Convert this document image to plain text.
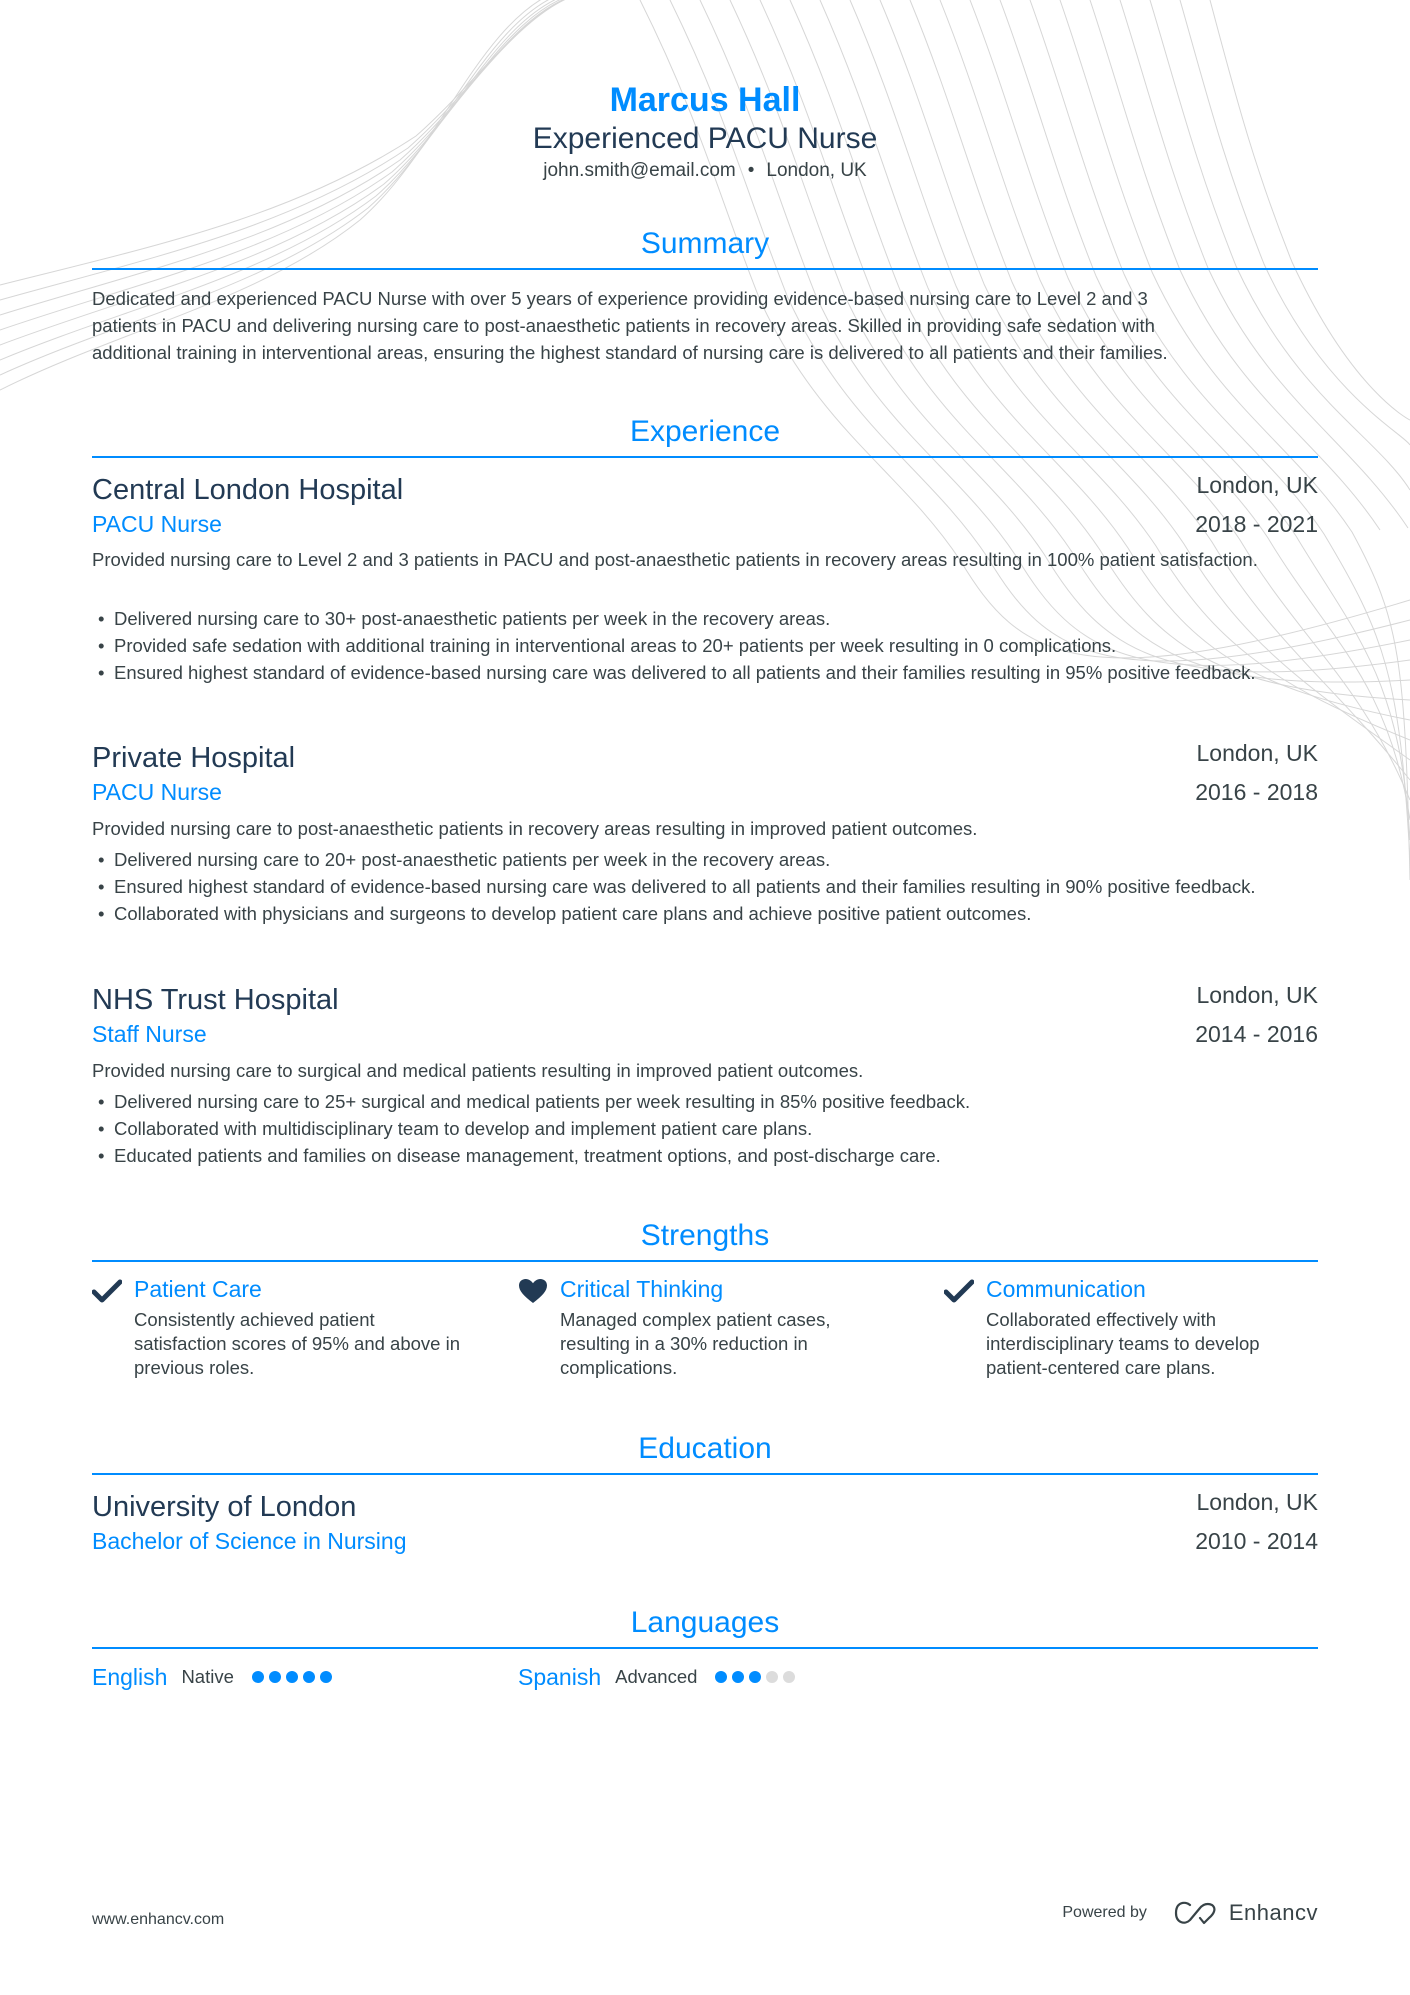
Marcus Hall
Experienced PACU Nurse
john.smith@email.com • London, UK
Summary
Dedicated and experienced PACU Nurse with over 5 years of experience providing evidence-based nursing care to Level 2 and 3
patients in PACU and delivering nursing care to post-anaesthetic patients in recovery areas. Skilled in providing safe sedation with
additional training in interventional areas, ensuring the highest standard of nursing care is delivered to all patients and their families.
Experience
Central London Hospital	London, UK
PACU Nurse	2018 - 2021
Provided nursing care to Level 2 and 3 patients in PACU and post-anaesthetic patients in recovery areas resulting in 100% patient satisfaction.
• Delivered nursing care to 30+ post-anaesthetic patients per week in the recovery areas.
• Provided safe sedation with additional training in interventional areas to 20+ patients per week resulting in 0 complications.
• Ensured highest standard of evidence-based nursing care was delivered to all patients and their families resulting in 95% positive feedback.
Private Hospital	London, UK
PACU Nurse	2016 - 2018
Provided nursing care to post-anaesthetic patients in recovery areas resulting in improved patient outcomes.
• Delivered nursing care to 20+ post-anaesthetic patients per week in the recovery areas.
• Ensured highest standard of evidence-based nursing care was delivered to all patients and their families resulting in 90% positive feedback.
• Collaborated with physicians and surgeons to develop patient care plans and achieve positive patient outcomes.
NHS Trust Hospital	London, UK
Staff Nurse	2014 - 2016
Provided nursing care to surgical and medical patients resulting in improved patient outcomes.
• Delivered nursing care to 25+ surgical and medical patients per week resulting in 85% positive feedback.
• Collaborated with multidisciplinary team to develop and implement patient care plans.
• Educated patients and families on disease management, treatment options, and post-discharge care.
Strengths
Patient Care
Consistently achieved patient satisfaction scores of 95% and above in previous roles.
Critical Thinking
Managed complex patient cases, resulting in a 30% reduction in complications.
Communication
Collaborated effectively with interdisciplinary teams to develop patient-centered care plans.
Education
University of London	London, UK
Bachelor of Science in Nursing	2010 - 2014
Languages
English Native	Spanish Advanced
www.enhancv.com	Powered by	Enhancv
